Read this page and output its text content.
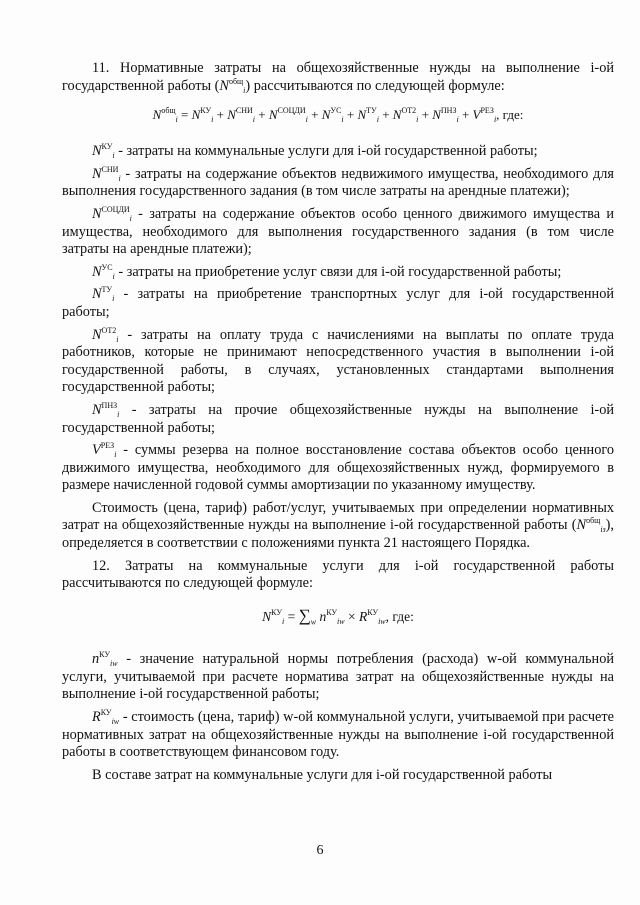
11. Нормативные затраты на общехозяйственные нужды на выполнение i-ой государственной работы $(N^{общ}_i)$ рассчитываются по следующей формуле:

$N^{общ}_i = N^{КУ}_i + N^{СНИ}_i + N^{СОЦДИ}_i + N^{УС}_i + N^{ТУ}_i + N^{ОТ2}_i + N^{ПНЗ}_i + V^{РЕЗ}_i$, где:

$N^{КУ}_i$ - затраты на коммунальные услуги для i-ой государственной работы;

$N^{СНИ}_i$ - затраты на содержание объектов недвижимого имущества, необходимого для выполнения государственного задания (в том числе затраты на арендные платежи);

$N^{СОЦДИ}_i$ - затраты на содержание объектов особо ценного движимого имущества и имущества, необходимого для выполнения государственного задания (в том числе затраты на арендные платежи);

$N^{УС}_i$ - затраты на приобретение услуг связи для i-ой государственной работы;

$N^{ТУ}_i$ - затраты на приобретение транспортных услуг для i-ой государственной работы;

$N^{ОТ2}_i$ - затраты на оплату труда с начислениями на выплаты по оплате труда работников, которые не принимают непосредственного участия в выполнении i-ой государственной работы, в случаях, установленных стандартами выполнения государственной работы;

$N^{ПНЗ}_i$ - затраты на прочие общехозяйственные нужды на выполнение i-ой государственной работы;

$V^{РЕЗ}_i$ - суммы резерва на полное восстановление состава объектов особо ценного движимого имущества, необходимого для общехозяйственных нужд, формируемого в размере начисленной годовой суммы амортизации по указанному имуществу.

Стоимость (цена, тариф) работ/услуг, учитываемых при определении нормативных затрат на общехозяйственные нужды на выполнение i-ой государственной работы $(N^{общ}_{iз})$, определяется в соответствии с положениями пункта 21 настоящего Порядка.

12. Затраты на коммунальные услуги для i-ой государственной работы рассчитываются по следующей формуле:

$N^{КУ}_i = \sum_w$ $n^{КУ}_{iw} \times R^{КУ}_{iw}$, где:

$n^{КУ}_{iw}$ - значение натуральной нормы потребления (расхода) w-ой коммунальной услуги, учитываемой при расчете норматива затрат на общехозяйственные нужды на выполнение i-ой государственной работы;

$R^{КУ}_{iw}$ - стоимость (цена, тариф) w-ой коммунальной услуги, учитываемой при расчете нормативных затрат на общехозяйственные нужды на выполнение i-ой государственной работы в соответствующем финансовом году.

В составе затрат на коммунальные услуги для i-ой государственной работы

6
